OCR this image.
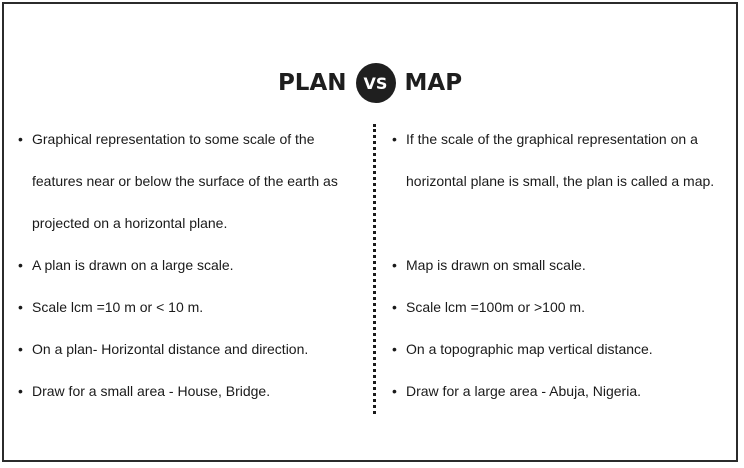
PLAN VS MAP
• Graphical representation to some scale of the
features near or below the surface of the earth as
projected on a horizontal plane.
• A plan is drawn on a large scale.
• Scale lcm =10 m or < 10 m.
• On a plan- Horizontal distance and direction.
• Draw for a small area - House, Bridge.
• If the scale of the graphical representation on a
horizontal plane is small, the plan is called a map.
• Map is drawn on small scale.
• Scale lcm =100m or >100 m.
• On a topographic map vertical distance.
• Draw for a large area - Abuja, Nigeria.
